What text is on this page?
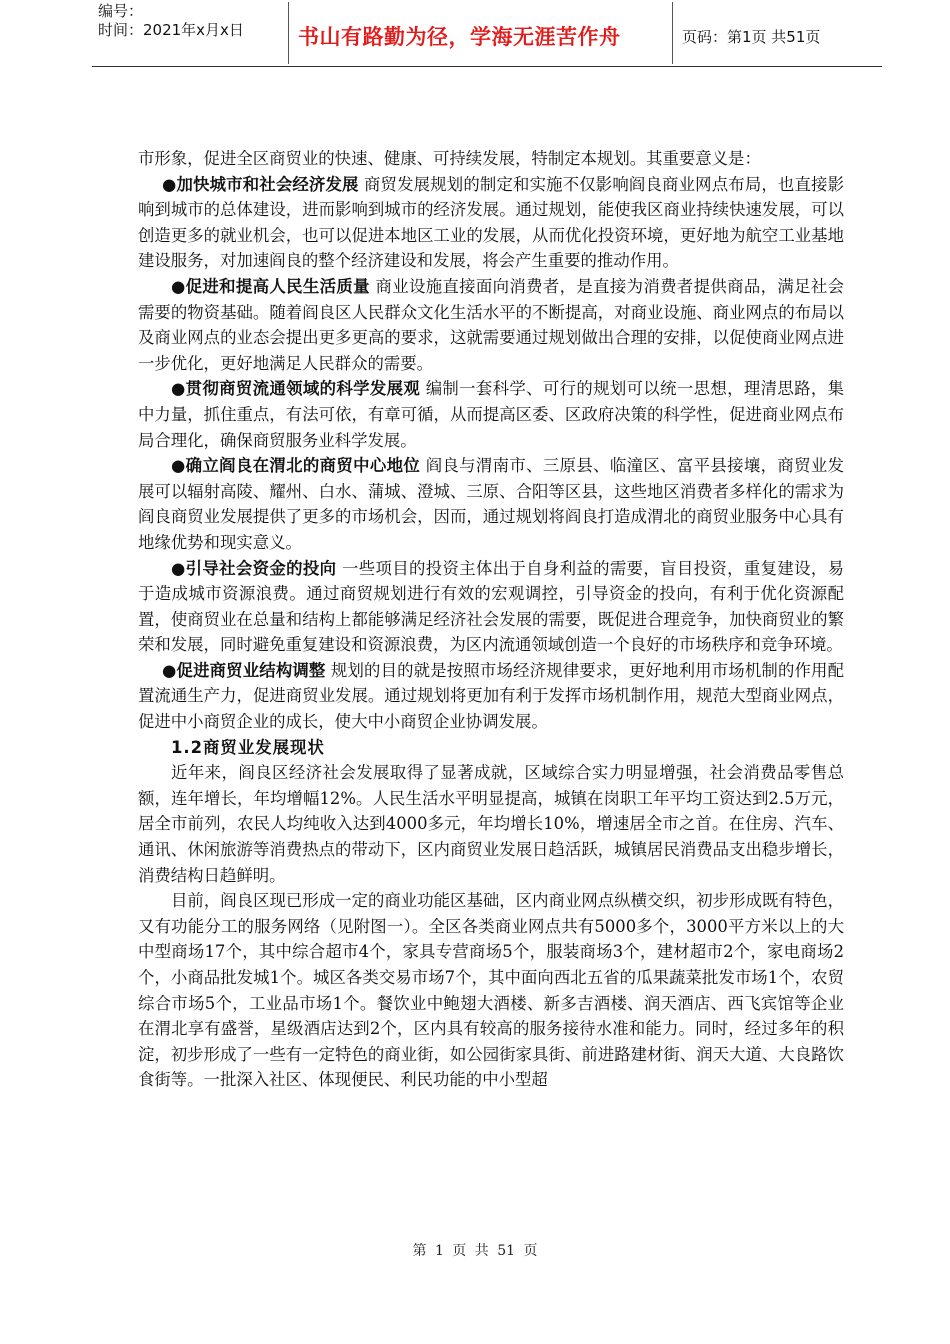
编号：
时间：2021年x月x日	书山有路勤为径，学海无涯苦作舟	页码：第1页 共51页

市形象，促进全区商贸业的快速、健康、可持续发展，特制定本规划。其重要意义是：

●加快城市和社会经济发展 商贸发展规划的制定和实施不仅影响阎良商业网点布局，也直接影响到城市的总体建设，进而影响到城市的经济发展。通过规划，能使我区商业持续快速发展，可以创造更多的就业机会，也可以促进本地区工业的发展，从而优化投资环境，更好地为航空工业基地建设服务，对加速阎良的整个经济建设和发展，将会产生重要的推动作用。

●促进和提高人民生活质量 商业设施直接面向消费者，是直接为消费者提供商品，满足社会需要的物资基础。随着阎良区人民群众文化生活水平的不断提高，对商业设施、商业网点的布局以及商业网点的业态会提出更多更高的要求，这就需要通过规划做出合理的安排，以促使商业网点进一步优化，更好地满足人民群众的需要。

●贯彻商贸流通领域的科学发展观 编制一套科学、可行的规划可以统一思想，理清思路，集中力量，抓住重点，有法可依，有章可循，从而提高区委、区政府决策的科学性，促进商业网点布局合理化，确保商贸服务业科学发展。

●确立阎良在渭北的商贸中心地位 阎良与渭南市、三原县、临潼区、富平县接壤，商贸业发展可以辐射高陵、耀州、白水、蒲城、澄城、三原、合阳等区县，这些地区消费者多样化的需求为阎良商贸业发展提供了更多的市场机会，因而，通过规划将阎良打造成渭北的商贸业服务中心具有地缘优势和现实意义。

●引导社会资金的投向 一些项目的投资主体出于自身利益的需要，盲目投资，重复建设，易于造成城市资源浪费。通过商贸规划进行有效的宏观调控，引导资金的投向，有利于优化资源配置，使商贸业在总量和结构上都能够满足经济社会发展的需要，既促进合理竞争，加快商贸业的繁荣和发展，同时避免重复建设和资源浪费，为区内流通领域创造一个良好的市场秩序和竞争环境。

●促进商贸业结构调整 规划的目的就是按照市场经济规律要求，更好地利用市场机制的作用配置流通生产力，促进商贸业发展。通过规划将更加有利于发挥市场机制作用，规范大型商业网点，促进中小商贸企业的成长，使大中小商贸企业协调发展。

1.2商贸业发展现状

近年来，阎良区经济社会发展取得了显著成就，区域综合实力明显增强，社会消费品零售总额，连年增长，年均增幅12%。人民生活水平明显提高，城镇在岗职工年平均工资达到2.5万元，居全市前列，农民人均纯收入达到4000多元，年均增长10%，增速居全市之首。在住房、汽车、通讯、休闲旅游等消费热点的带动下，区内商贸业发展日趋活跃，城镇居民消费品支出稳步增长，消费结构日趋鲜明。

目前，阎良区现已形成一定的商业功能区基础，区内商业网点纵横交织，初步形成既有特色，又有功能分工的服务网络（见附图一）。全区各类商业网点共有5000多个，3000平方米以上的大中型商场17个，其中综合超市4个，家具专营商场5个，服装商场3个，建材超市2个，家电商场2个，小商品批发城1个。城区各类交易市场7个，其中面向西北五省的瓜果蔬菜批发市场1个，农贸综合市场5个，工业品市场1个。餐饮业中鲍翅大酒楼、新多吉酒楼、润天酒店、西飞宾馆等企业在渭北享有盛誉，星级酒店达到2个，区内具有较高的服务接待水准和能力。同时，经过多年的积淀，初步形成了一些有一定特色的商业街，如公园街家具街、前进路建材街、润天大道、大良路饮食街等。一批深入社区、体现便民、利民功能的中小型超

第 1 页 共 51 页
